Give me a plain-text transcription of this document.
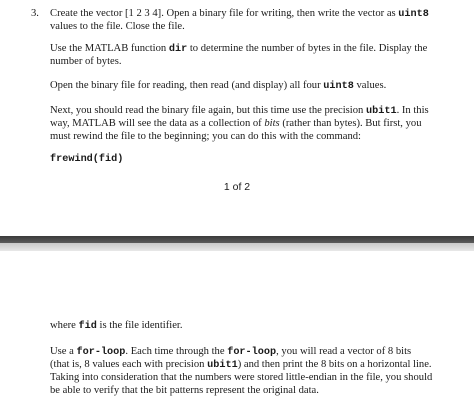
3. Create the vector [1 2 3 4]. Open a binary file for writing, then write the vector as uint8
values to the file. Close the file.
Use the MATLAB function dir to determine the number of bytes in the file. Display the
number of bytes.
Open the binary file for reading, then read (and display) all four uint8 values.
Next, you should read the binary file again, but this time use the precision ubit1. In this
way, MATLAB will see the data as a collection of bits (rather than bytes). But first, you
must rewind the file to the beginning; you can do this with the command:
frewind(fid)
1 of 2
where fid is the file identifier.
Use a for-loop. Each time through the for-loop, you will read a vector of 8 bits
(that is, 8 values each with precision ubit1) and then print the 8 bits on a horizontal line.
Taking into consideration that the numbers were stored little-endian in the file, you should
be able to verify that the bit patterns represent the original data.
